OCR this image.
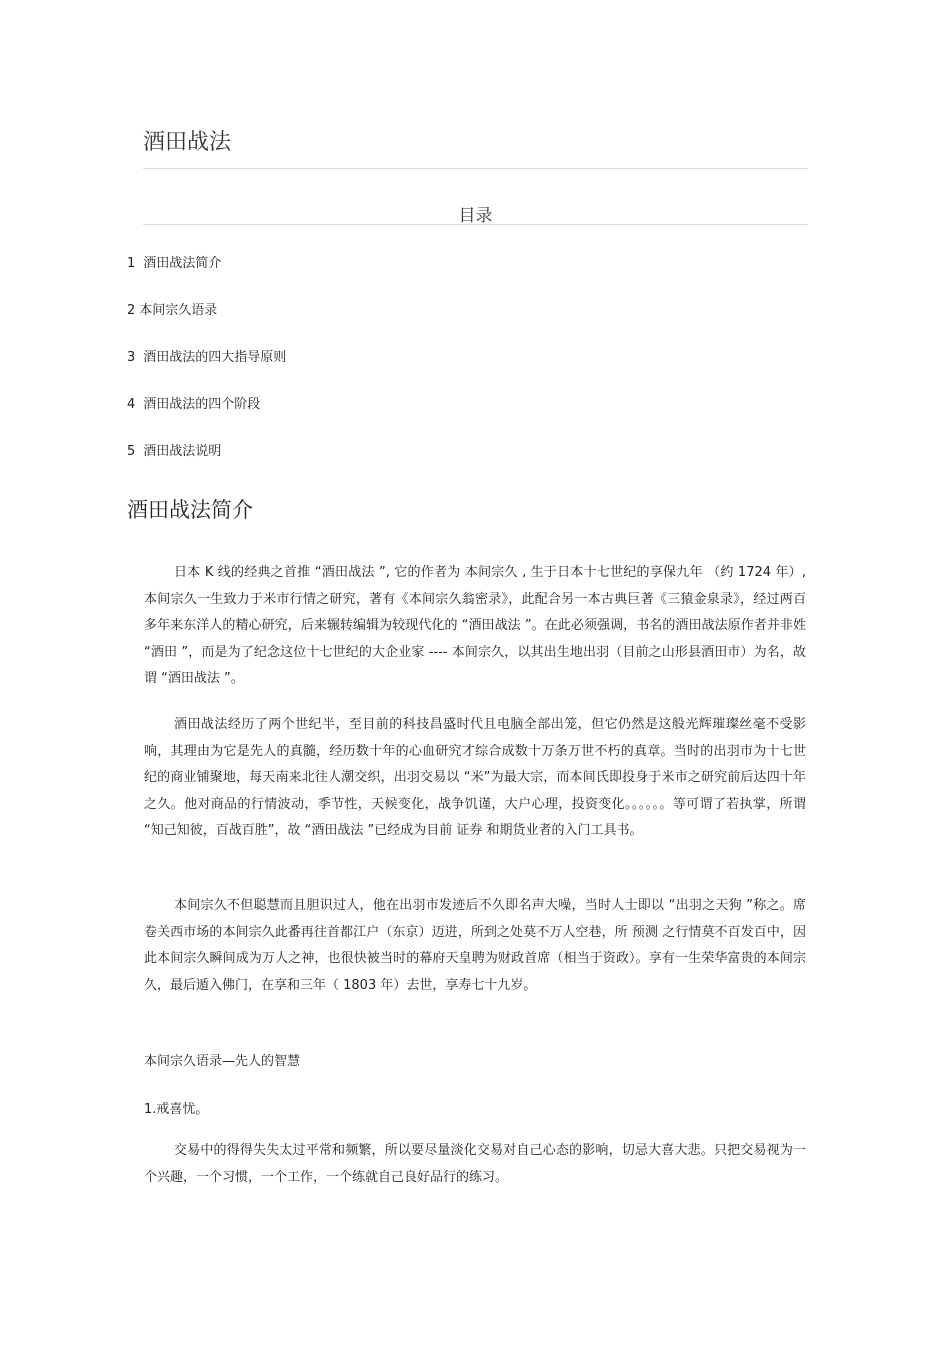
酒田战法
目录
1 酒田战法简介
2 本间宗久语录
3 酒田战法的四大指导原则
4 酒田战法的四个阶段
5 酒田战法说明
酒田战法简介

日本 K 线的经典之首推 “酒田战法 ”, 它的作者为 本间宗久 , 生于日本十七世纪的享保九年 （约 1724 年）, 本间宗久一生致力于米市行情之研究，著有《本间宗久翁密录》，此配合另一本古典巨著《三猿金泉录》，经过两百多年来东洋人的精心研究，后来辗转编辑为较现代化的 “酒田战法 ”。在此必须强调，书名的酒田战法原作者并非姓 “酒田 ”，而是为了纪念这位十七世纪的大企业家 ---- 本间宗久，以其出生地出羽（目前之山形县酒田市）为名，故谓 “酒田战法 ”。

酒田战法经历了两个世纪半，至目前的科技昌盛时代且电脑全部出笼，但它仍然是这般光辉璀璨丝毫不受影响，其理由为它是先人的真髓，经历数十年的心血研究才综合成数十万条万世不朽的真章。当时的出羽市为十七世纪的商业铺聚地，每天南来北往人潮交织，出羽交易以 “米”为最大宗，而本间氏即投身于米市之研究前后达四十年之久。他对商品的行情波动，季节性，天候变化，战争饥谨，大户心理，投资变化。。。。。。等可谓了若执掌，所谓 “知己知彼，百战百胜”，故 “酒田战法 ”已经成为目前 证券 和期货业者的入门工具书。

本间宗久不但聪慧而且胆识过人，他在出羽市发迹后不久即名声大噪，当时人士即以 “出羽之天狗 ”称之。席卷关西市场的本间宗久此番再往首都江户（东京）迈进，所到之处莫不万人空巷，所 预测 之行情莫不百发百中，因此本间宗久瞬间成为万人之神，也很快被当时的幕府天皇聘为财政首席（相当于资政）。享有一生荣华富贵的本间宗久，最后遁入佛门，在享和三年（ 1803 年）去世，享寿七十九岁。

本间宗久语录—先人的智慧
1.戒喜忧。

交易中的得得失失太过平常和频繁，所以要尽量淡化交易对自己心态的影响，切忌大喜大悲。只把交易视为一个兴趣，一个习惯，一个工作，一个练就自己良好品行的练习。
